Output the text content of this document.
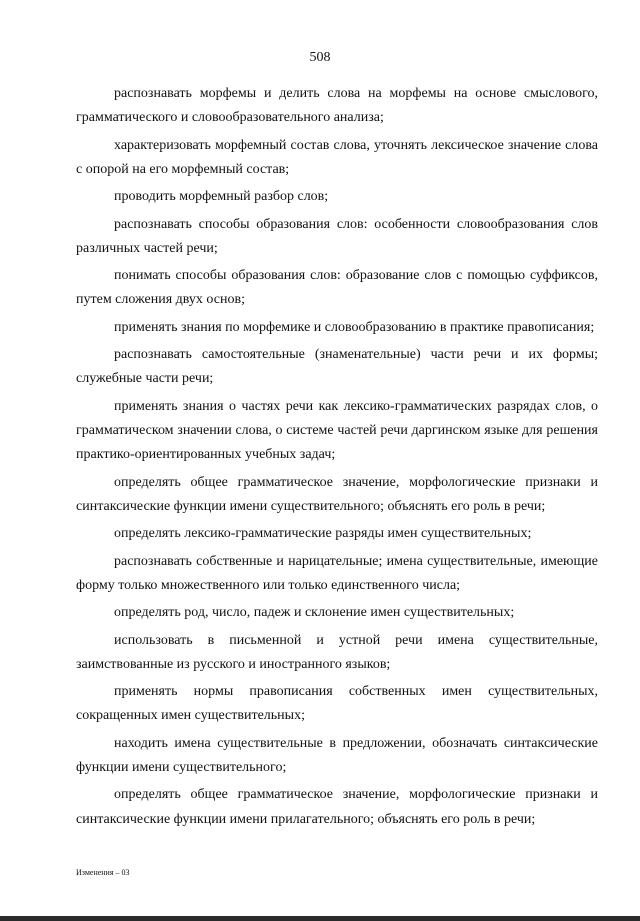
508

распознавать морфемы и делить слова на морфемы на основе смыслового, грамматического и словообразовательного анализа;

характеризовать морфемный состав слова, уточнять лексическое значение слова с опорой на его морфемный состав;

проводить морфемный разбор слов;

распознавать способы образования слов: особенности словообразования слов различных частей речи;

понимать способы образования слов: образование слов с помощью суффиксов, путем сложения двух основ;

применять знания по морфемике и словообразованию в практике правописания;

распознавать самостоятельные (знаменательные) части речи и их формы; служебные части речи;

применять знания о частях речи как лексико-грамматических разрядах слов, о грамматическом значении слова, о системе частей речи даргинском языке для решения практико-ориентированных учебных задач;

определять общее грамматическое значение, морфологические признаки и синтаксические функции имени существительного; объяснять его роль в речи;

определять лексико-грамматические разряды имен существительных;

распознавать собственные и нарицательные; имена существительные, имеющие форму только множественного или только единственного числа;

определять род, число, падеж и склонение имен существительных;

использовать в письменной и устной речи имена существительные, заимствованные из русского и иностранного языков;

применять нормы правописания собственных имен существительных, сокращенных имен существительных;

находить имена существительные в предложении, обозначать синтаксические функции имени существительного;

определять общее грамматическое значение, морфологические признаки и синтаксические функции имени прилагательного; объяснять его роль в речи;

Изменения – 03
